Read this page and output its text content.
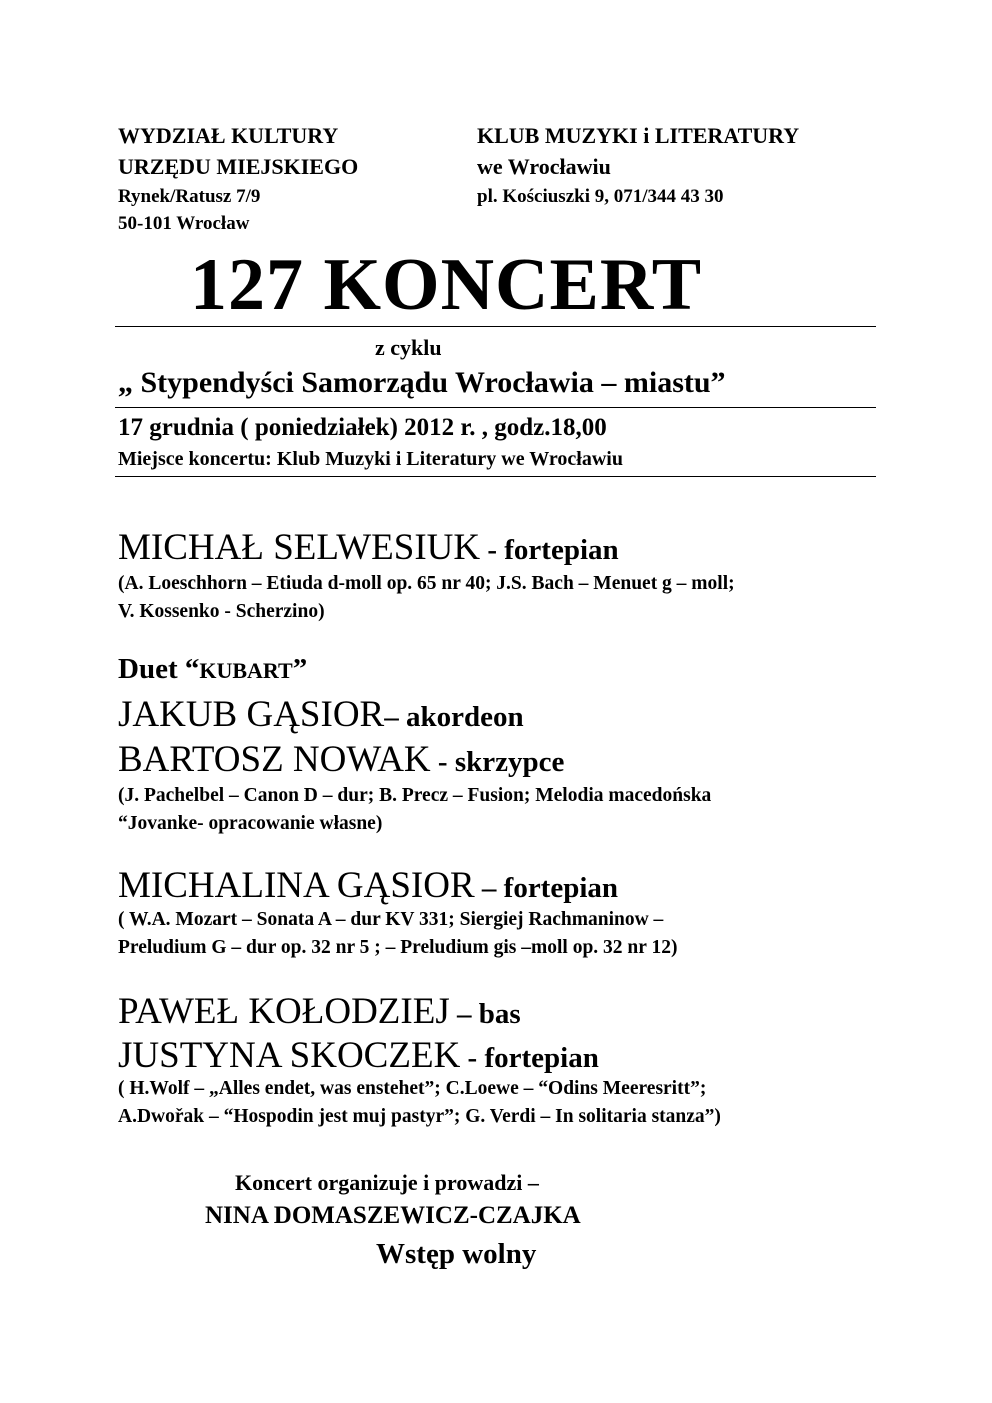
WYDZIAŁ KULTURY
URZĘDU MIEJSKIEGO
Rynek/Ratusz 7/9
50-101 Wrocław
KLUB MUZYKI i LITERATURY
we Wrocławiu
pl. Kościuszki 9, 071/344 43 30
127 KONCERT
z cyklu
„ Stypendyści Samorządu Wrocławia – miastu”
17 grudnia ( poniedziałek) 2012 r. , godz.18,00
Miejsce koncertu: Klub Muzyki i Literatury we Wrocławiu
MICHAŁ SELWESIUK - fortepian
(A. Loeschhorn – Etiuda d-moll op. 65 nr 40; J.S. Bach – Menuet g – moll;
V. Kossenko - Scherzino)
Duet “KUBART”
JAKUB GĄSIOR– akordeon
BARTOSZ NOWAK - skrzypce
(J. Pachelbel – Canon D – dur; B. Precz – Fusion; Melodia macedońska
“Jovanke- opracowanie własne)
MICHALINA GĄSIOR – fortepian
( W.A. Mozart – Sonata A – dur KV 331; Siergiej Rachmaninow –
Preludium G – dur op. 32 nr 5 ; – Preludium gis –moll op. 32 nr 12)
PAWEŁ KOŁODZIEJ – bas
JUSTYNA SKOCZEK - fortepian
( H.Wolf – „Alles endet, was enstehet”; C.Loewe – “Odins Meeresritt”;
A.Dwořak – “Hospodin jest muj pastyr”; G. Verdi – In solitaria stanza”)
Koncert organizuje i prowadzi –
NINA DOMASZEWICZ-CZAJKA
Wstęp wolny
